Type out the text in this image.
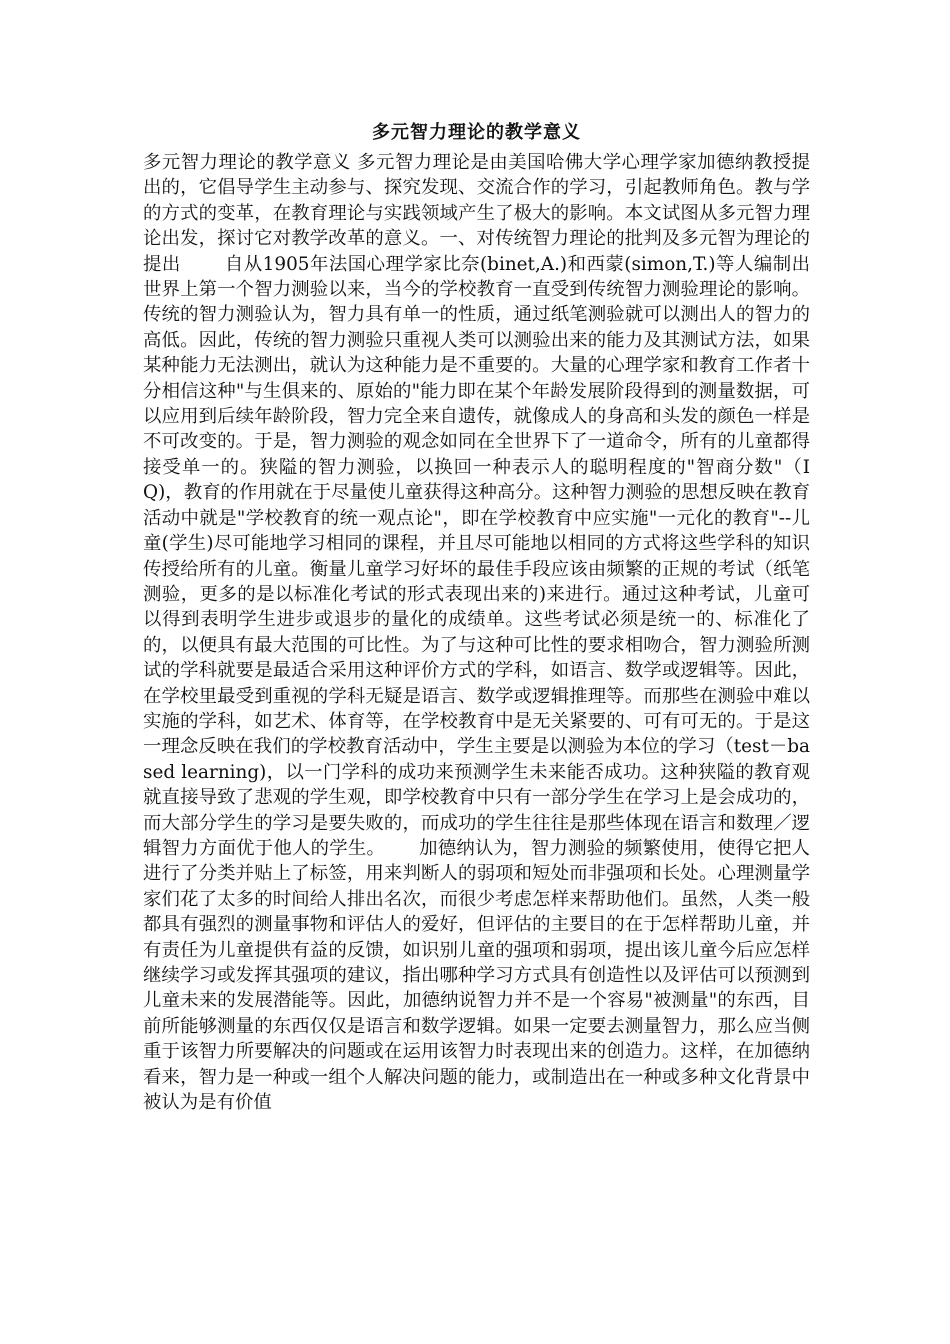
多元智力理论的教学意义

多元智力理论的教学意义 多元智力理论是由美国哈佛大学心理学家加德纳教授提出的，它倡导学生主动参与、探究发现、交流合作的学习，引起教师角色。教与学的方式的变革，在教育理论与实践领域产生了极大的影响。本文试图从多元智力理论出发，探讨它对教学改革的意义。一、对传统智力理论的批判及多元智为理论的提出　　 自从1905年法国心理学家比奈(binet,A.)和西蒙(simon,T.)等人编制出世界上第一个智力测验以来，当今的学校教育一直受到传统智力测验理论的影响。传统的智力测验认为，智力具有单一的性质，通过纸笔测验就可以测出人的智力的高低。因此，传统的智力测验只重视人类可以测验出来的能力及其测试方法，如果某种能力无法测出，就认为这种能力是不重要的。大量的心理学家和教育工作者十分相信这种"与生俱来的、原始的"能力即在某个年龄发展阶段得到的测量数据，可以应用到后续年龄阶段，智力完全来自遗传，就像成人的身高和头发的颜色一样是不可改变的。于是，智力测验的观念如同在全世界下了一道命令，所有的儿童都得接受单一的。狭隘的智力测验，以换回一种表示人的聪明程度的"智商分数"（IQ)，教育的作用就在于尽量使儿童获得这种高分。这种智力测验的思想反映在教育活动中就是"学校教育的统一观点论"，即在学校教育中应实施"一元化的教育"--儿童(学生)尽可能地学习相同的课程，并且尽可能地以相同的方式将这些学科的知识传授给所有的儿童。衡量儿童学习好坏的最佳手段应该由频繁的正规的考试（纸笔测验，更多的是以标准化考试的形式表现出来的)来进行。通过这种考试，儿童可以得到表明学生进步或退步的量化的成绩单。这些考试必须是统一的、标准化了的，以便具有最大范围的可比性。为了与这种可比性的要求相吻合，智力测验所测试的学科就要是最适合采用这种评价方式的学科，如语言、数学或逻辑等。因此，在学校里最受到重视的学科无疑是语言、数学或逻辑推理等。而那些在测验中难以实施的学科，如艺术、体育等，在学校教育中是无关紧要的、可有可无的。于是这一理念反映在我们的学校教育活动中，学生主要是以测验为本位的学习（test－based learning)，以一门学科的成功来预测学生未来能否成功。这种狭隘的教育观就直接导致了悲观的学生观，即学校教育中只有一部分学生在学习上是会成功的，而大部分学生的学习是要失败的，而成功的学生往往是那些体现在语言和数理／逻辑智力方面优于他人的学生。　　 加德纳认为，智力测验的频繁使用，使得它把人进行了分类并贴上了标签，用来判断人的弱项和短处而非强项和长处。心理测量学家们花了太多的时间给人排出名次，而很少考虑怎样来帮助他们。虽然，人类一般都具有强烈的测量事物和评估人的爱好，但评估的主要目的在于怎样帮助儿童，并有责任为儿童提供有益的反馈，如识别儿童的强项和弱项，提出该儿童今后应怎样继续学习或发挥其强项的建议，指出哪种学习方式具有创造性以及评估可以预测到儿童未来的发展潜能等。因此，加德纳说智力并不是一个容易"被测量"的东西，目前所能够测量的东西仅仅是语言和数学逻辑。如果一定要去测量智力，那么应当侧重于该智力所要解决的问题或在运用该智力时表现出来的创造力。这样，在加德纳看来，智力是一种或一组个人解决问题的能力，或制造出在一种或多种文化背景中被认为是有价值
